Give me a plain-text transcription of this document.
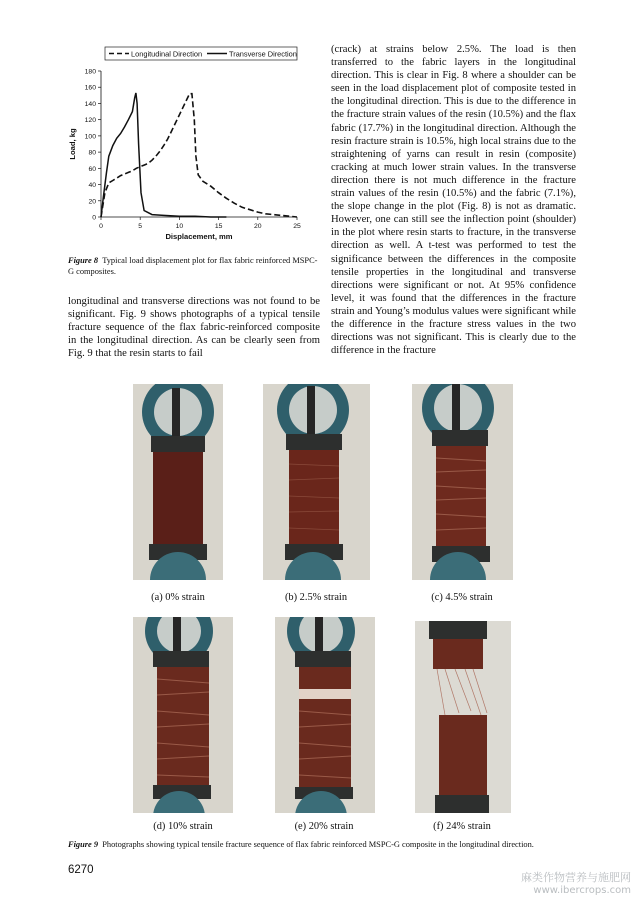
Longitudinal Direction	Transverse Direction
0
20
40
60
80
100
120
140
160
180
0	5	10	15	20	25
Displacement, mm
Load, kg
Figure 8 Typical load displacement plot for flax fabric reinforced MSPC-G composites.

longitudinal and transverse directions was not found to be significant. Fig. 9 shows photographs of a typical tensile fracture sequence of the flax fabric-reinforced composite in the longitudinal direction. As can be clearly seen from Fig. 9 that the resin starts to fail

(crack) at strains below 2.5%. The load is then transferred to the fabric layers in the longitudinal direction. This is clear in Fig. 8 where a shoulder can be seen in the load displacement plot of composite tested in the longitudinal direction. This is due to the difference in the fracture strain values of the resin (10.5%) and the flax fabric (17.7%) in the longitudinal direction. Although the resin fracture strain is 10.5%, high local strains due to the straightening of yarns can result in resin (composite) cracking at much lower strain values. In the transverse direction there is not much difference in the fracture strain values of the resin (10.5%) and the fabric (7.1%), the slope change in the plot (Fig. 8) is not as dramatic. However, one can still see the inflection point (shoulder) in the plot where resin starts to fracture, in the transverse direction as well. A t-test was performed to test the significance between the differences in the composite tensile properties in the longitudinal and transverse directions were significant or not. At 95% confidence level, it was found that the differences in the fracture strain and Young’s modulus values were significant while the difference in the fracture stress values in the two directions was not significant. This is clearly due to the difference in the fracture

(a) 0% strain	(b) 2.5% strain	(c) 4.5% strain
(d) 10% strain	(e) 20% strain	(f) 24% strain
Figure 9 Photographs showing typical tensile fracture sequence of flax fabric reinforced MSPC-G composite in the longitudinal direction.
6270
麻类作物营养与施肥网
www.ibercrops.com
